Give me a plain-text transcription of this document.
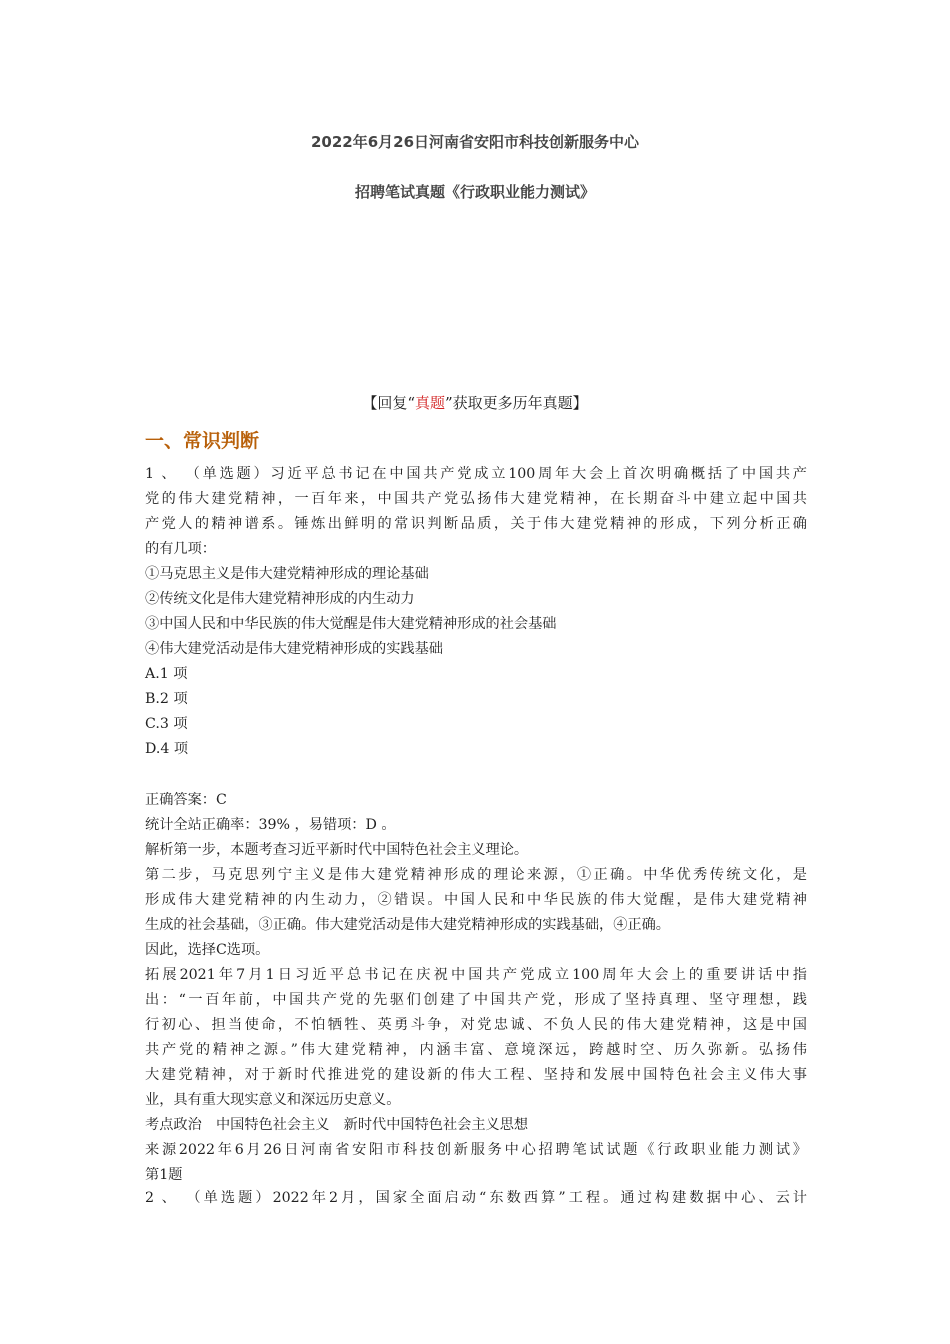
2022年6月26日河南省安阳市科技创新服务中心
招聘笔试真题《行政职业能力测试》
【回复“真题”获取更多历年真题】
一、常识判断
1 、 （单选题）习近平总书记在中国共产党成立100周年大会上首次明确概括了中国共产
党的伟大建党精神，一百年来，中国共产党弘扬伟大建党精神，在长期奋斗中建立起中国共
产党人的精神谱系。锤炼出鲜明的常识判断品质，关于伟大建党精神的形成，下列分析正确
的有几项：
①马克思主义是伟大建党精神形成的理论基础
②传统文化是伟大建党精神形成的内生动力
③中国人民和中华民族的伟大觉醒是伟大建党精神形成的社会基础
④伟大建党活动是伟大建党精神形成的实践基础
A.1 项
B.2 项
C.3 项
D.4 项
正确答案：C
统计全站正确率：39% ，易错项：D 。
解析第一步，本题考查习近平新时代中国特色社会主义理论。
第二步，马克思列宁主义是伟大建党精神形成的理论来源，①正确。中华优秀传统文化，是
形成伟大建党精神的内生动力，②错误。中国人民和中华民族的伟大觉醒，是伟大建党精神
生成的社会基础，③正确。伟大建党活动是伟大建党精神形成的实践基础，④正确。
因此，选择C选项。
拓展2021年7月1日习近平总书记在庆祝中国共产党成立100周年大会上的重要讲话中指
出：“一百年前，中国共产党的先驱们创建了中国共产党，形成了坚持真理、坚守理想，践
行初心、担当使命，不怕牺牲、英勇斗争，对党忠诚、不负人民的伟大建党精神，这是中国
共产党的精神之源。”伟大建党精神，内涵丰富、意境深远，跨越时空、历久弥新。弘扬伟
大建党精神，对于新时代推进党的建设新的伟大工程、坚持和发展中国特色社会主义伟大事
业，具有重大现实意义和深远历史意义。
考点政治　中国特色社会主义　新时代中国特色社会主义思想
来源2022年6月26日河南省安阳市科技创新服务中心招聘笔试试题《行政职业能力测试》
第1题
2 、 （单选题）2022年2月，国家全面启动“东数西算”工程。通过构建数据中心、云计
